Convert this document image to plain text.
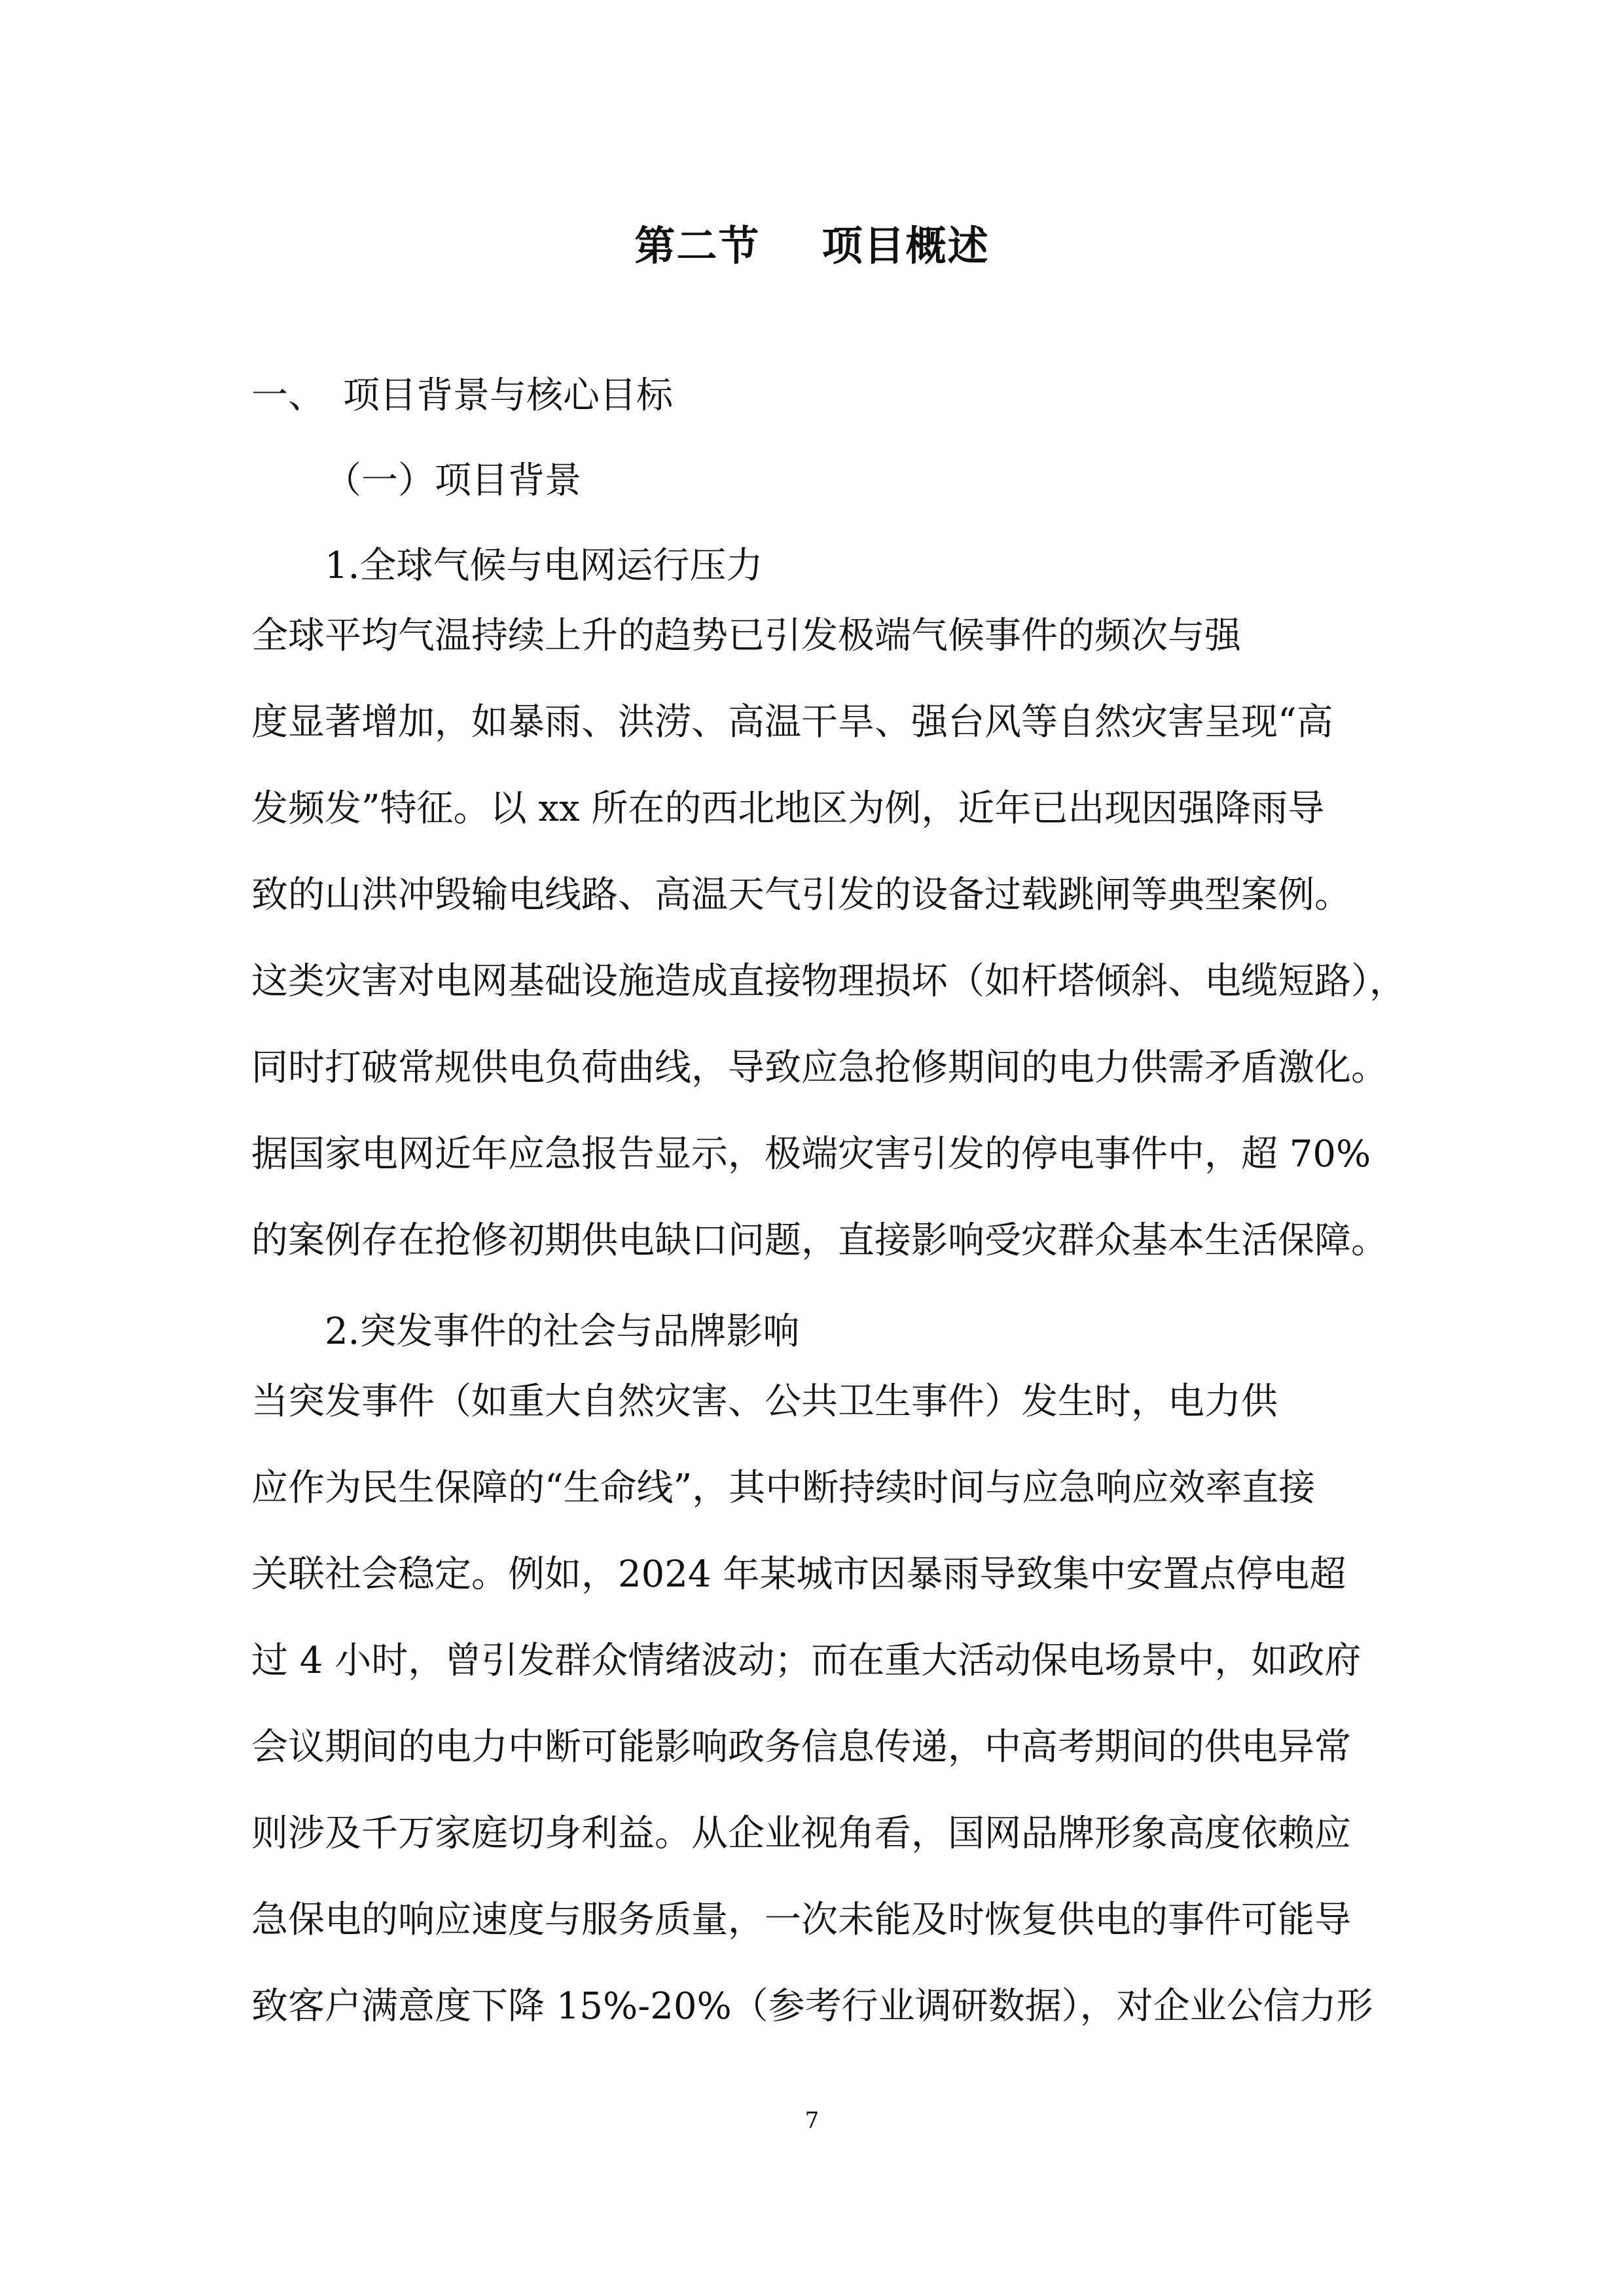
第二节    项目概述
一、 项目背景与核心目标
（一）项目背景
1.全球气候与电网运行压力
全球平均气温持续上升的趋势已引发极端气候事件的频次与强
度显著增加，如暴雨、洪涝、高温干旱、强台风等自然灾害呈现“高
发频发”特征。以 xx 所在的西北地区为例，近年已出现因强降雨导
致的山洪冲毁输电线路、高温天气引发的设备过载跳闸等典型案例。
这类灾害对电网基础设施造成直接物理损坏（如杆塔倾斜、电缆短路），
同时打破常规供电负荷曲线，导致应急抢修期间的电力供需矛盾激化。
据国家电网近年应急报告显示，极端灾害引发的停电事件中，超 70%
的案例存在抢修初期供电缺口问题，直接影响受灾群众基本生活保障。
2.突发事件的社会与品牌影响
当突发事件（如重大自然灾害、公共卫生事件）发生时，电力供
应作为民生保障的“生命线”，其中断持续时间与应急响应效率直接
关联社会稳定。例如，2024 年某城市因暴雨导致集中安置点停电超
过 4 小时，曾引发群众情绪波动；而在重大活动保电场景中，如政府
会议期间的电力中断可能影响政务信息传递，中高考期间的供电异常
则涉及千万家庭切身利益。从企业视角看，国网品牌形象高度依赖应
急保电的响应速度与服务质量，一次未能及时恢复供电的事件可能导
致客户满意度下降 15%-20%（参考行业调研数据），对企业公信力形
7
